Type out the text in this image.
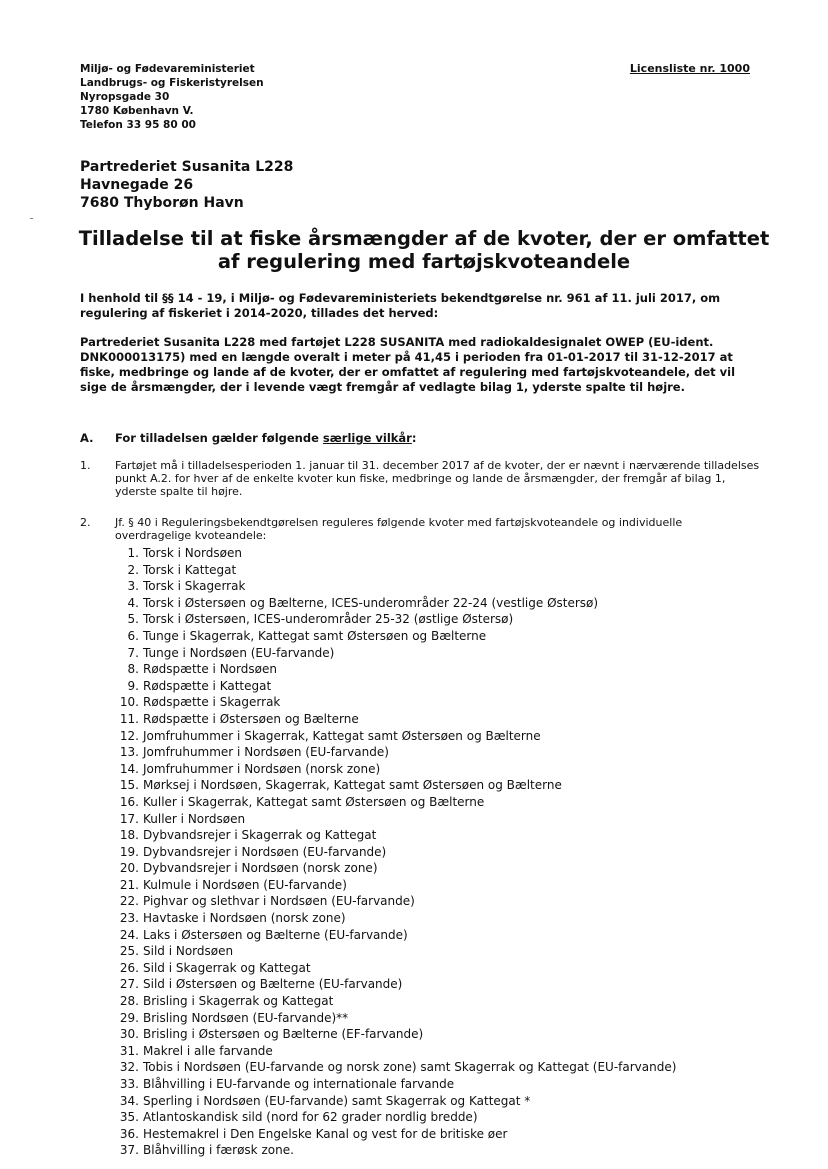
Miljø- og Fødevareministeriet
Landbrugs- og Fiskeristyrelsen
Nyropsgade 30
1780 København V.
Telefon 33 95 80 00
Licensliste nr. 1000
Partrederiet Susanita L228
Havnegade 26
7680 Thyborøn Havn
Tilladelse til at fiske årsmængder af de kvoter, der er omfattet
af regulering med fartøjskvoteandele
I henhold til §§ 14 - 19, i Miljø- og Fødevareministeriets bekendtgørelse nr. 961 af 11. juli 2017, om regulering af fiskeriet i 2014-2020, tillades det herved:
Partrederiet Susanita L228 med fartøjet L228 SUSANITA med radiokaldesignalet OWEP (EU-ident. DNK000013175) med en længde overalt i meter på 41,45 i perioden fra 01-01-2017 til 31-12-2017 at fiske, medbringe og lande af de kvoter, der er omfattet af regulering med fartøjskvoteandele, det vil sige de årsmængder, der i levende vægt fremgår af vedlagte bilag 1, yderste spalte til højre.
A. For tilladelsen gælder følgende særlige vilkår:
1. Fartøjet må i tilladelsesperioden 1. januar til 31. december 2017 af de kvoter, der er nævnt i nærværende tilladelses punkt A.2. for hver af de enkelte kvoter kun fiske, medbringe og lande de årsmængder, der fremgår af bilag 1, yderste spalte til højre.
2. Jf. § 40 i Reguleringsbekendtgørelsen reguleres følgende kvoter med fartøjskvoteandele og individuelle overdragelige kvoteandele:
1. Torsk i Nordsøen
2. Torsk i Kattegat
3. Torsk i Skagerrak
4. Torsk i Østersøen og Bælterne, ICES-underområder 22-24 (vestlige Østersø)
5. Torsk i Østersøen, ICES-underområder 25-32 (østlige Østersø)
6. Tunge i Skagerrak, Kattegat samt Østersøen og Bælterne
7. Tunge i Nordsøen (EU-farvande)
8. Rødspætte i Nordsøen
9. Rødspætte i Kattegat
10. Rødspætte i Skagerrak
11. Rødspætte i Østersøen og Bælterne
12. Jomfruhummer i Skagerrak, Kattegat samt Østersøen og Bælterne
13. Jomfruhummer i Nordsøen (EU-farvande)
14. Jomfruhummer i Nordsøen (norsk zone)
15. Mørksej i Nordsøen, Skagerrak, Kattegat samt Østersøen og Bælterne
16. Kuller i Skagerrak, Kattegat samt Østersøen og Bælterne
17. Kuller i Nordsøen
18. Dybvandsrejer i Skagerrak og Kattegat
19. Dybvandsrejer i Nordsøen (EU-farvande)
20. Dybvandsrejer i Nordsøen (norsk zone)
21. Kulmule i Nordsøen (EU-farvande)
22. Pighvar og slethvar i Nordsøen (EU-farvande)
23. Havtaske i Nordsøen (norsk zone)
24. Laks i Østersøen og Bælterne (EU-farvande)
25. Sild i Nordsøen
26. Sild i Skagerrak og Kattegat
27. Sild i Østersøen og Bælterne (EU-farvande)
28. Brisling i Skagerrak og Kattegat
29. Brisling Nordsøen (EU-farvande)**
30. Brisling i Østersøen og Bælterne (EF-farvande)
31. Makrel i alle farvande
32. Tobis i Nordsøen (EU-farvande og norsk zone) samt Skagerrak og Kattegat (EU-farvande)
33. Blåhvilling i EU-farvande og internationale farvande
34. Sperling i Nordsøen (EU-farvande) samt Skagerrak og Kattegat *
35. Atlantoskandisk sild (nord for 62 grader nordlig bredde)
36. Hestemakrel i Den Engelske Kanal og vest for de britiske øer
37. Blåhvilling i færøsk zone.
